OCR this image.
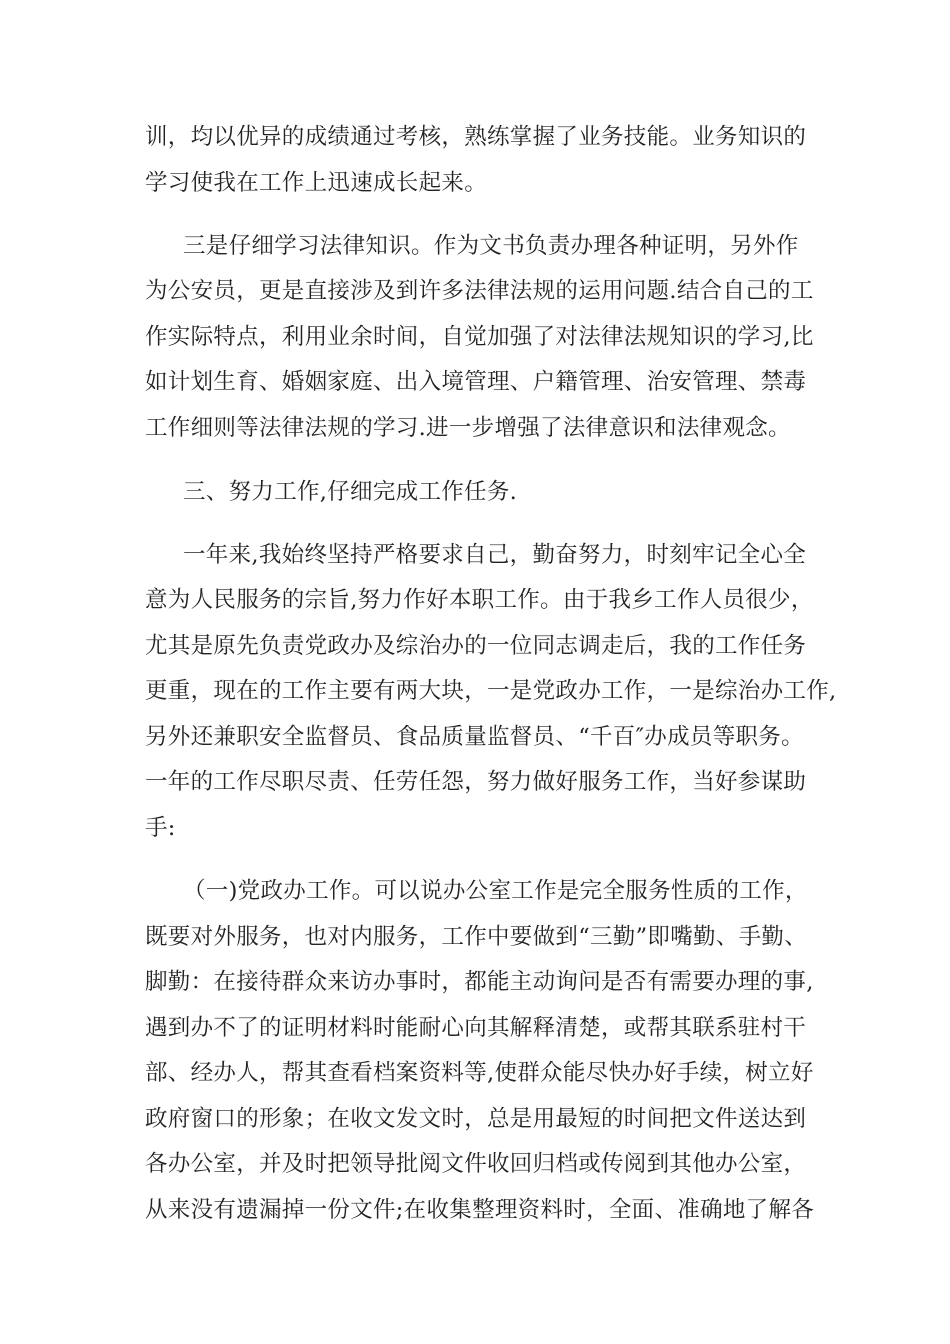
训，均以优异的成绩通过考核，熟练掌握了业务技能。业务知识的
学习使我在工作上迅速成长起来。
三是仔细学习法律知识。作为文书负责办理各种证明，另外作
为公安员，更是直接涉及到许多法律法规的运用问题.结合自己的工
作实际特点，利用业余时间，自觉加强了对法律法规知识的学习,比
如计划生育、婚姻家庭、出入境管理、户籍管理、治安管理、禁毒
工作细则等法律法规的学习.进一步增强了法律意识和法律观念。
三、努力工作,仔细完成工作任务.
一年来,我始终坚持严格要求自己，勤奋努力，时刻牢记全心全
意为人民服务的宗旨,努力作好本职工作。由于我乡工作人员很少，
尤其是原先负责党政办及综治办的一位同志调走后，我的工作任务
更重，现在的工作主要有两大块，一是党政办工作，一是综治办工作,
另外还兼职安全监督员、食品质量监督员、“千百″办成员等职务。
一年的工作尽职尽责、任劳任怨，努力做好服务工作，当好参谋助
手:
（一)党政办工作。可以说办公室工作是完全服务性质的工作，
既要对外服务，也对内服务，工作中要做到“三勤”即嘴勤、手勤、
脚勤：在接待群众来访办事时，都能主动询问是否有需要办理的事,
遇到办不了的证明材料时能耐心向其解释清楚，或帮其联系驻村干
部、经办人，帮其查看档案资料等,使群众能尽快办好手续，树立好
政府窗口的形象；在收文发文时，总是用最短的时间把文件送达到
各办公室，并及时把领导批阅文件收回归档或传阅到其他办公室，
从来没有遗漏掉一份文件;在收集整理资料时，全面、准确地了解各
